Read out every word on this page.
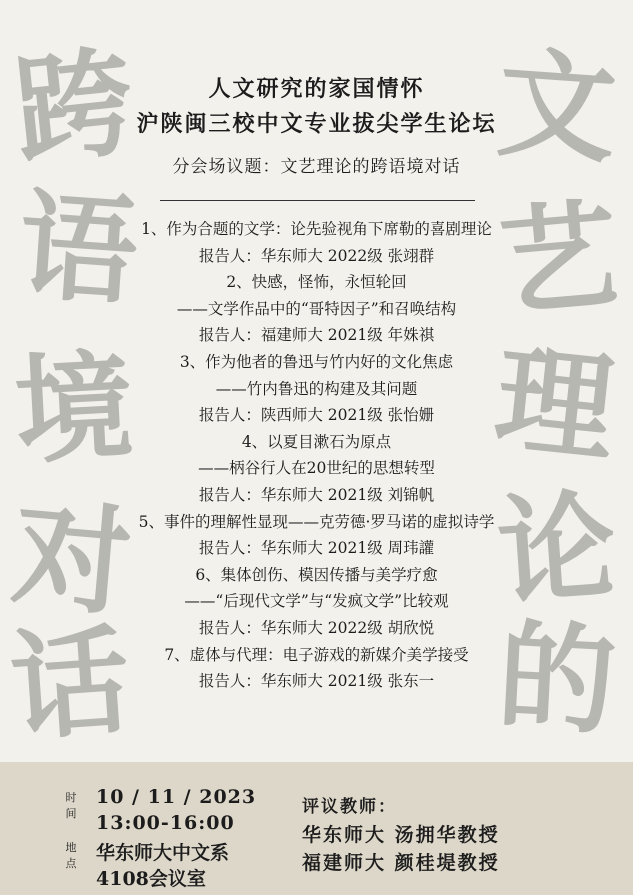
跨
语
境
对
话
文
艺
理
论
的
人文研究的家国情怀
沪陕闽三校中文专业拔尖学生论坛
分会场议题：文艺理论的跨语境对话
1、作为合题的文学：论先验视角下席勒的喜剧理论
报告人：华东师大 2022级 张翊群
2、快感，怪怖，永恒轮回
——文学作品中的“哥特因子”和召唤结构
报告人：福建师大 2021级 年姝祺
3、作为他者的鲁迅与竹内好的文化焦虑
——竹内鲁迅的构建及其问题
报告人：陕西师大 2021级 张怡姗
4、以夏目漱石为原点
——柄谷行人在20世纪的思想转型
报告人：华东师大 2021级 刘锦帆
5、事件的理解性显现——克劳德·罗马诺的虚拟诗学
报告人：华东师大 2021级 周玮讙
6、集体创伤、模因传播与美学疗愈
——“后现代文学”与“发疯文学”比较观
报告人：华东师大 2022级 胡欣悦
7、虚体与代理：电子游戏的新媒介美学接受
报告人：华东师大 2021级 张东一
时
间
地
点
10 / 11 / 2023
13:00-16:00
华东师大中文系
4108会议室
评议教师：
华东师大 汤拥华教授
福建师大 颜桂堤教授
